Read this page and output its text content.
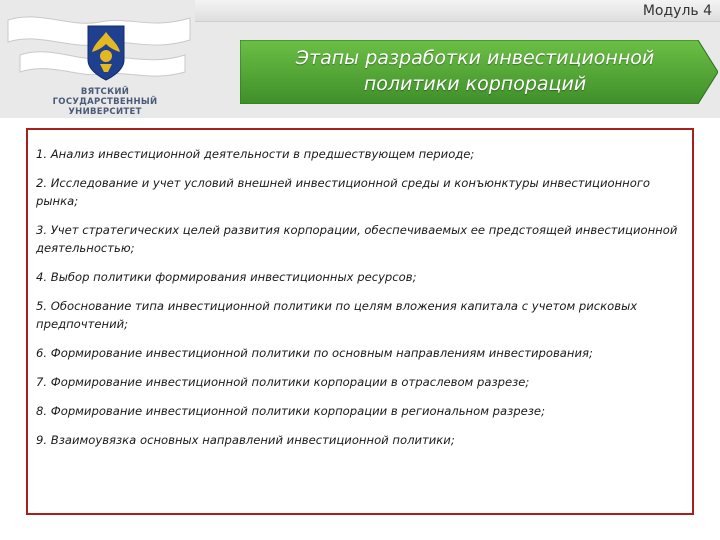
Модуль 4
ВЯТСКИЙ ГОСУДАРСТВЕННЫЙ УНИВЕРСИТЕТ
Этапы разработки инвестиционной политики корпораций
1. Анализ инвестиционной деятельности в предшествующем периоде;
2. Исследование и учет условий внешней инвестиционной среды и конъюнктуры инвестиционного рынка;
3. Учет стратегических целей развития корпорации, обеспечиваемых ее предстоящей инвестиционной деятельностью;
4. Выбор политики формирования инвестиционных ресурсов;
5. Обоснование типа инвестиционной политики по целям вложения капитала с учетом рисковых предпочтений;
6. Формирование инвестиционной политики по основным направлениям инвестирования;
7. Формирование инвестиционной политики корпорации в отраслевом разрезе;
8. Формирование инвестиционной политики корпорации в региональном разрезе;
9. Взаимоувязка основных направлений инвестиционной политики;
